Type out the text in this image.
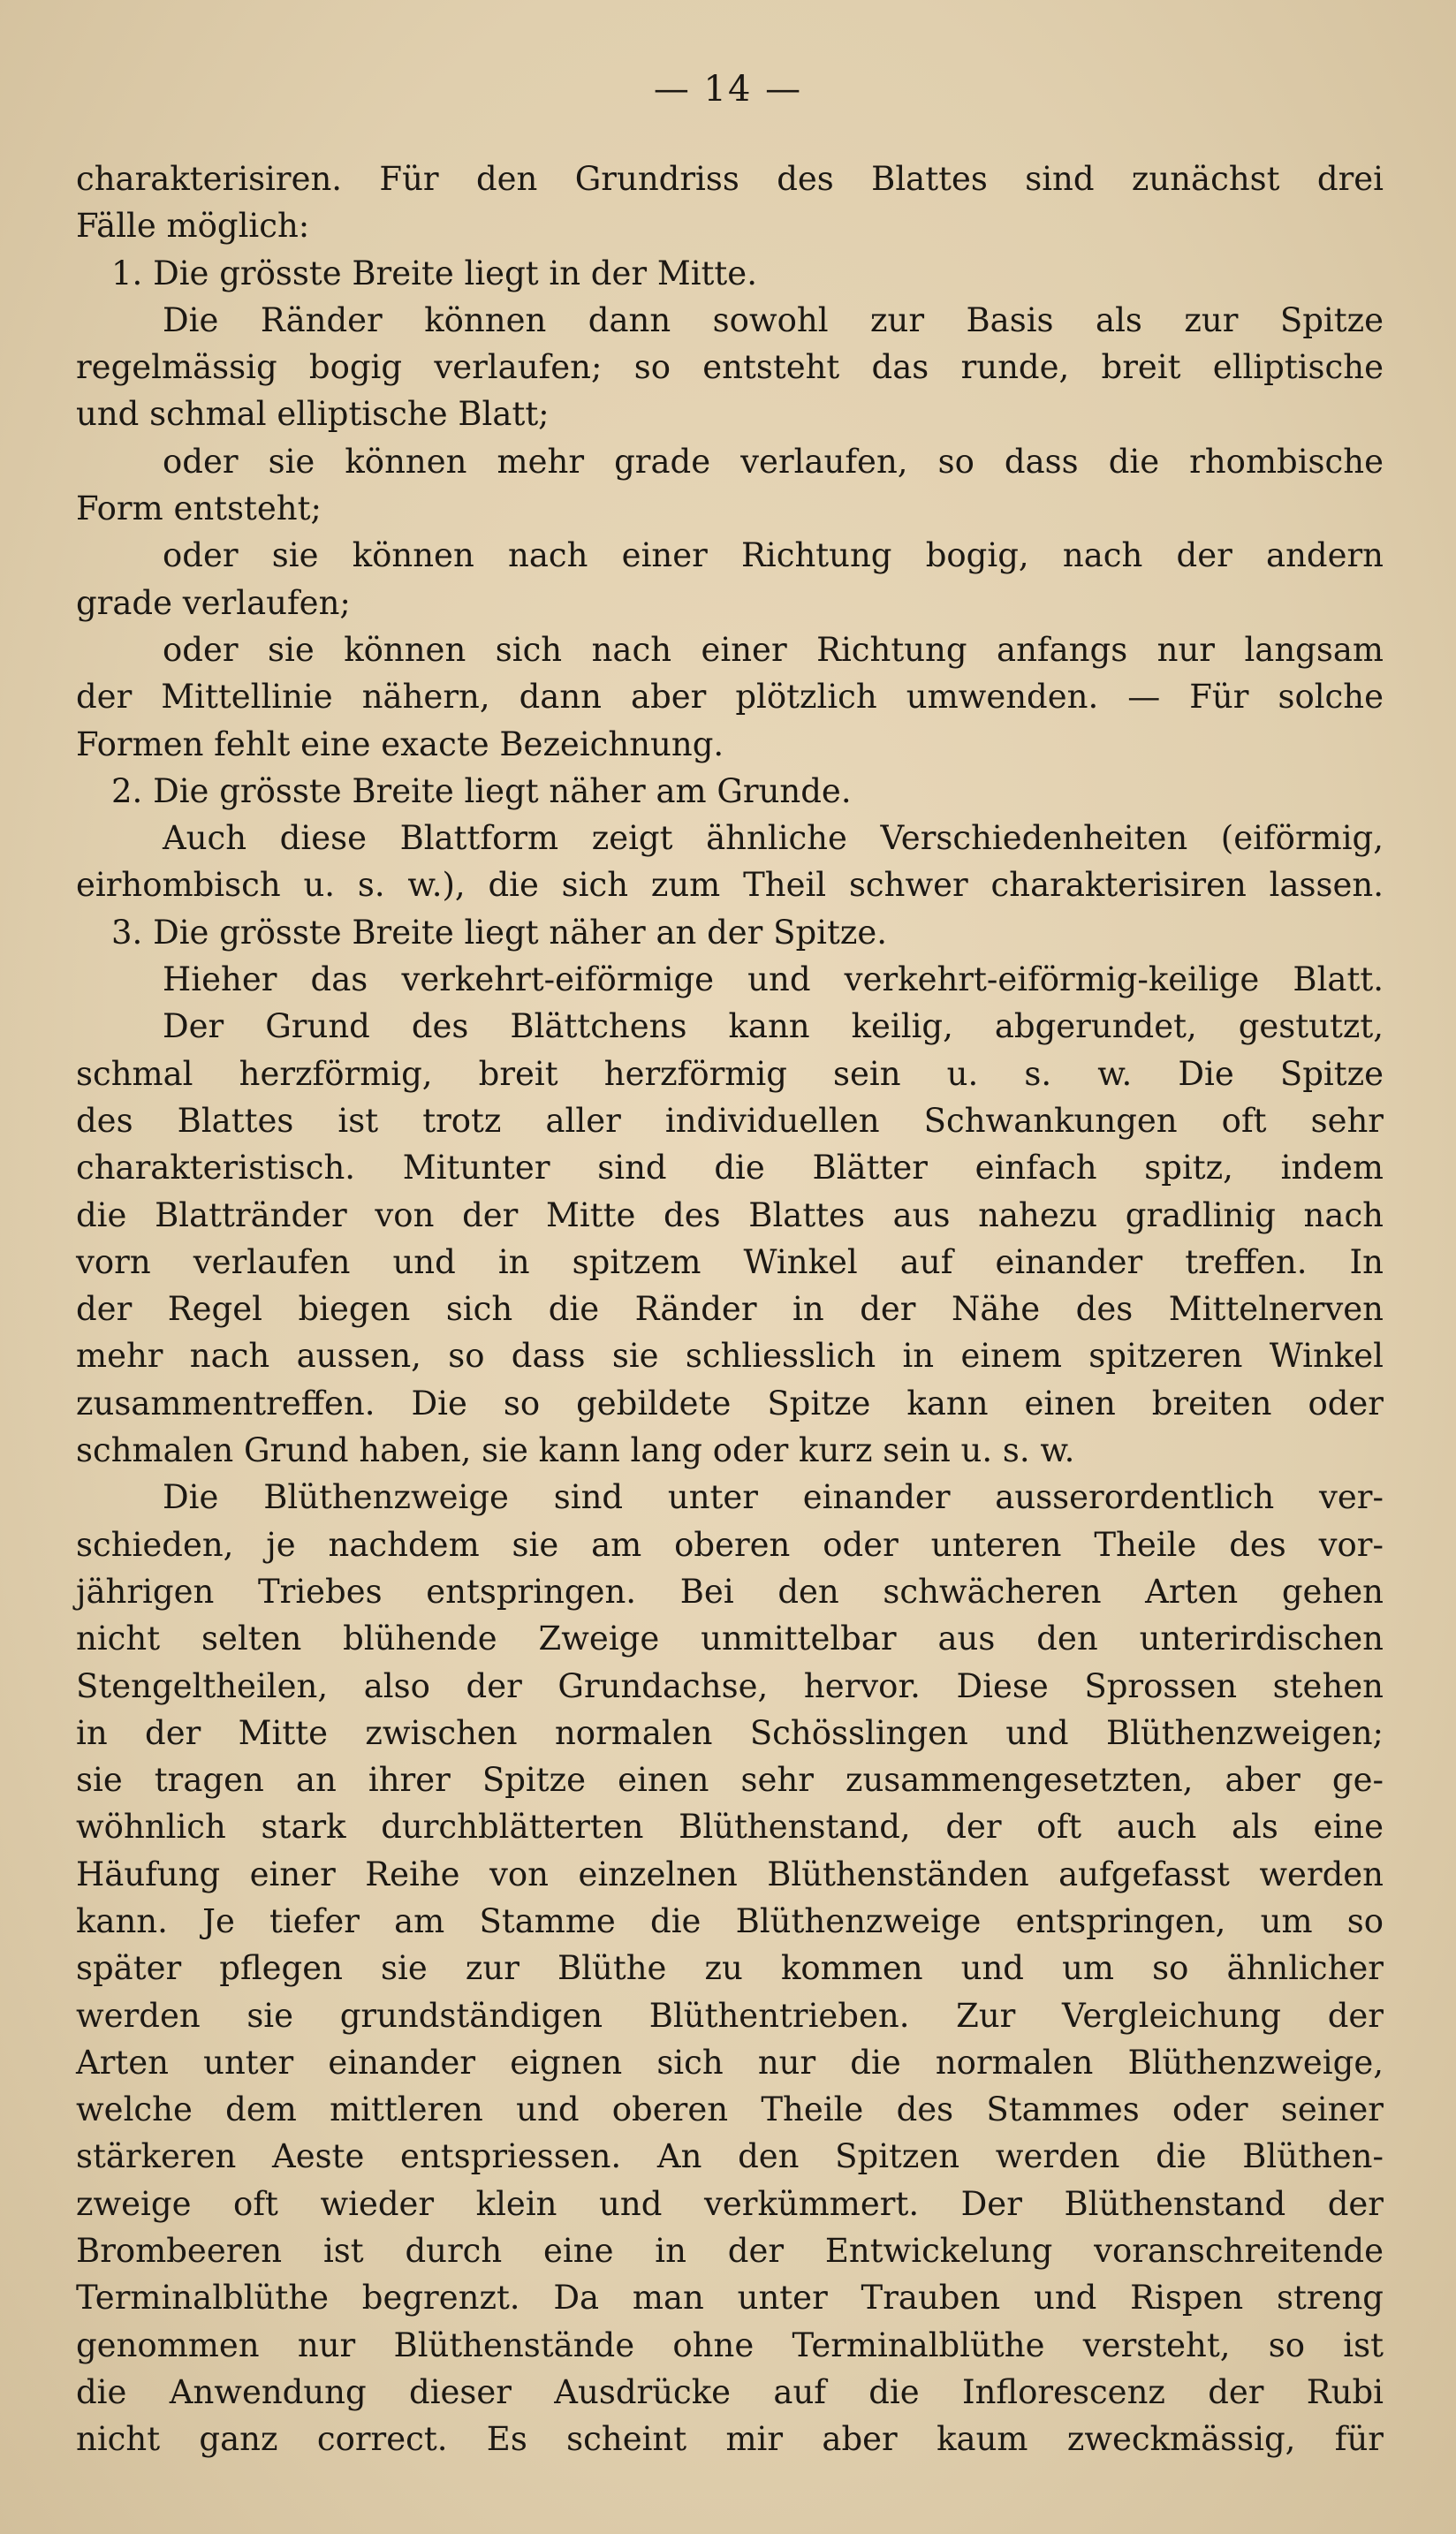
— 14 —
charakterisiren. Für den Grundriss des Blattes sind zunächst drei
Fälle möglich:
1. Die grösste Breite liegt in der Mitte.
Die Ränder können dann sowohl zur Basis als zur Spitze
regelmässig bogig verlaufen; so entsteht das runde, breit elliptische
und schmal elliptische Blatt;
oder sie können mehr grade verlaufen, so dass die rhombische
Form entsteht;
oder sie können nach einer Richtung bogig, nach der andern
grade verlaufen;
oder sie können sich nach einer Richtung anfangs nur langsam
der Mittellinie nähern, dann aber plötzlich umwenden. — Für solche
Formen fehlt eine exacte Bezeichnung.
2. Die grösste Breite liegt näher am Grunde.
Auch diese Blattform zeigt ähnliche Verschiedenheiten (eiförmig,
eirhombisch u. s. w.), die sich zum Theil schwer charakterisiren lassen.
3. Die grösste Breite liegt näher an der Spitze.
Hieher das verkehrt-eiförmige und verkehrt-eiförmig-keilige Blatt.
Der Grund des Blättchens kann keilig, abgerundet, gestutzt,
schmal herzförmig, breit herzförmig sein u. s. w. Die Spitze
des Blattes ist trotz aller individuellen Schwankungen oft sehr
charakteristisch. Mitunter sind die Blätter einfach spitz, indem
die Blattränder von der Mitte des Blattes aus nahezu gradlinig nach
vorn verlaufen und in spitzem Winkel auf einander treffen. In
der Regel biegen sich die Ränder in der Nähe des Mittelnerven
mehr nach aussen, so dass sie schliesslich in einem spitzeren Winkel
zusammentreffen. Die so gebildete Spitze kann einen breiten oder
schmalen Grund haben, sie kann lang oder kurz sein u. s. w.
Die Blüthenzweige sind unter einander ausserordentlich ver-
schieden, je nachdem sie am oberen oder unteren Theile des vor-
jährigen Triebes entspringen. Bei den schwächeren Arten gehen
nicht selten blühende Zweige unmittelbar aus den unterirdischen
Stengeltheilen, also der Grundachse, hervor. Diese Sprossen stehen
in der Mitte zwischen normalen Schösslingen und Blüthenzweigen;
sie tragen an ihrer Spitze einen sehr zusammengesetzten, aber ge-
wöhnlich stark durchblätterten Blüthenstand, der oft auch als eine
Häufung einer Reihe von einzelnen Blüthenständen aufgefasst werden
kann. Je tiefer am Stamme die Blüthenzweige entspringen, um so
später pflegen sie zur Blüthe zu kommen und um so ähnlicher
werden sie grundständigen Blüthentrieben. Zur Vergleichung der
Arten unter einander eignen sich nur die normalen Blüthenzweige,
welche dem mittleren und oberen Theile des Stammes oder seiner
stärkeren Aeste entspriessen. An den Spitzen werden die Blüthen-
zweige oft wieder klein und verkümmert. Der Blüthenstand der
Brombeeren ist durch eine in der Entwickelung voranschreitende
Terminalblüthe begrenzt. Da man unter Trauben und Rispen streng
genommen nur Blüthenstände ohne Terminalblüthe versteht, so ist
die Anwendung dieser Ausdrücke auf die Inflorescenz der Rubi
nicht ganz correct. Es scheint mir aber kaum zweckmässig, für
